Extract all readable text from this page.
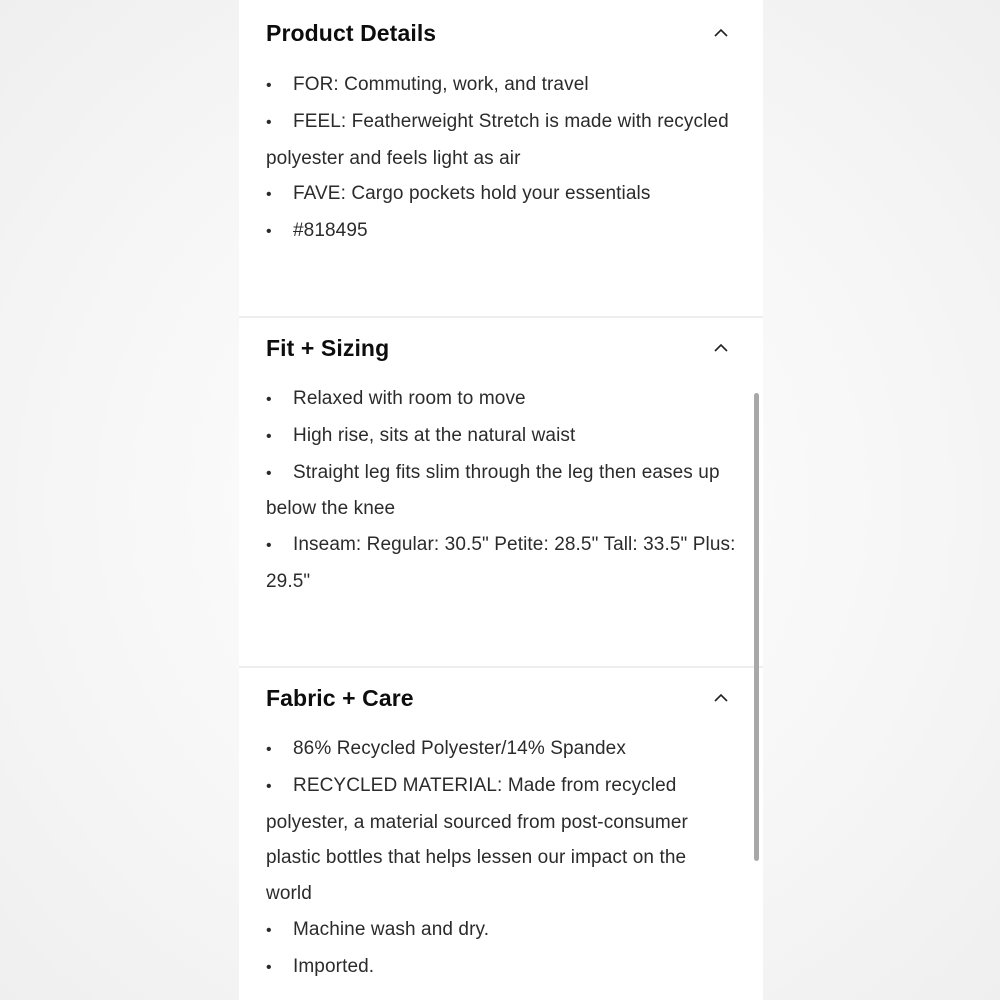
Product Details
• FOR: Commuting, work, and travel
• FEEL: Featherweight Stretch is made with recycled polyester and feels light as air
• FAVE: Cargo pockets hold your essentials
• #818495
Fit + Sizing
• Relaxed with room to move
• High rise, sits at the natural waist
• Straight leg fits slim through the leg then eases up below the knee
• Inseam: Regular: 30.5" Petite: 28.5" Tall: 33.5" Plus: 29.5"
Fabric + Care
• 86% Recycled Polyester/14% Spandex
• RECYCLED MATERIAL: Made from recycled polyester, a material sourced from post-consumer plastic bottles that helps lessen our impact on the world
• Machine wash and dry.
• Imported.
